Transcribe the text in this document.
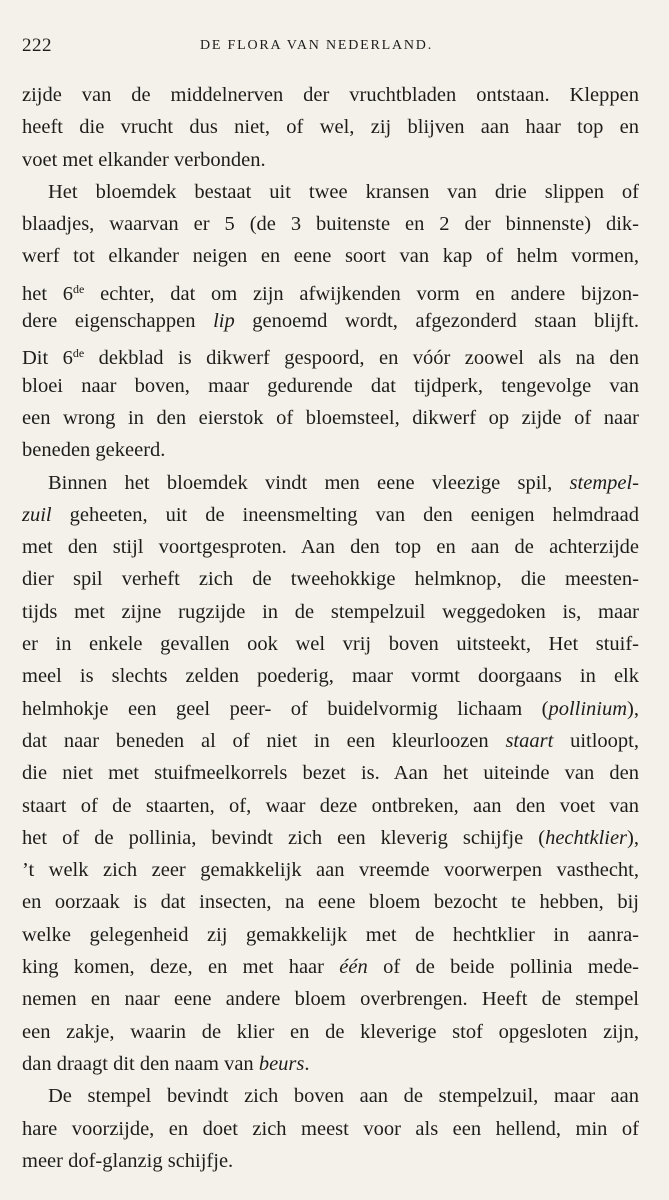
222	DE FLORA VAN NEDERLAND.
zijde van de middelnerven der vruchtbladen ontstaan. Kleppen
heeft die vrucht dus niet, of wel, zij blijven aan haar top en
voet met elkander verbonden.
Het bloemdek bestaat uit twee kransen van drie slippen of
blaadjes, waarvan er 5 (de 3 buitenste en 2 der binnenste) dik-
werf tot elkander neigen en eene soort van kap of helm vormen,
het 6de echter, dat om zijn afwijkenden vorm en andere bijzon-
dere eigenschappen lip genoemd wordt, afgezonderd staan blijft.
Dit 6de dekblad is dikwerf gespoord, en vóór zoowel als na den
bloei naar boven, maar gedurende dat tijdperk, tengevolge van
een wrong in den eierstok of bloemsteel, dikwerf op zijde of naar
beneden gekeerd.
Binnen het bloemdek vindt men eene vleezige spil, stempel-
zuil geheeten, uit de ineensmelting van den eenigen helmdraad
met den stijl voortgesproten. Aan den top en aan de achterzijde
dier spil verheft zich de tweehokkige helmknop, die meesten-
tijds met zijne rugzijde in de stempelzuil weggedoken is, maar
er in enkele gevallen ook wel vrij boven uitsteekt, Het stuif-
meel is slechts zelden poederig, maar vormt doorgaans in elk
helmhokje een geel peer- of buidelvormig lichaam (pollinium),
dat naar beneden al of niet in een kleurloozen staart uitloopt,
die niet met stuifmeelkorrels bezet is. Aan het uiteinde van den
staart of de staarten, of, waar deze ontbreken, aan den voet van
het of de pollinia, bevindt zich een kleverig schijfje (hechtklier),
’t welk zich zeer gemakkelijk aan vreemde voorwerpen vasthecht,
en oorzaak is dat insecten, na eene bloem bezocht te hebben, bij
welke gelegenheid zij gemakkelijk met de hechtklier in aanra-
king komen, deze, en met haar één of de beide pollinia mede-
nemen en naar eene andere bloem overbrengen. Heeft de stempel
een zakje, waarin de klier en de kleverige stof opgesloten zijn,
dan draagt dit den naam van beurs.
De stempel bevindt zich boven aan de stempelzuil, maar aan
hare voorzijde, en doet zich meest voor als een hellend, min of
meer dof-glanzig schijfje.
